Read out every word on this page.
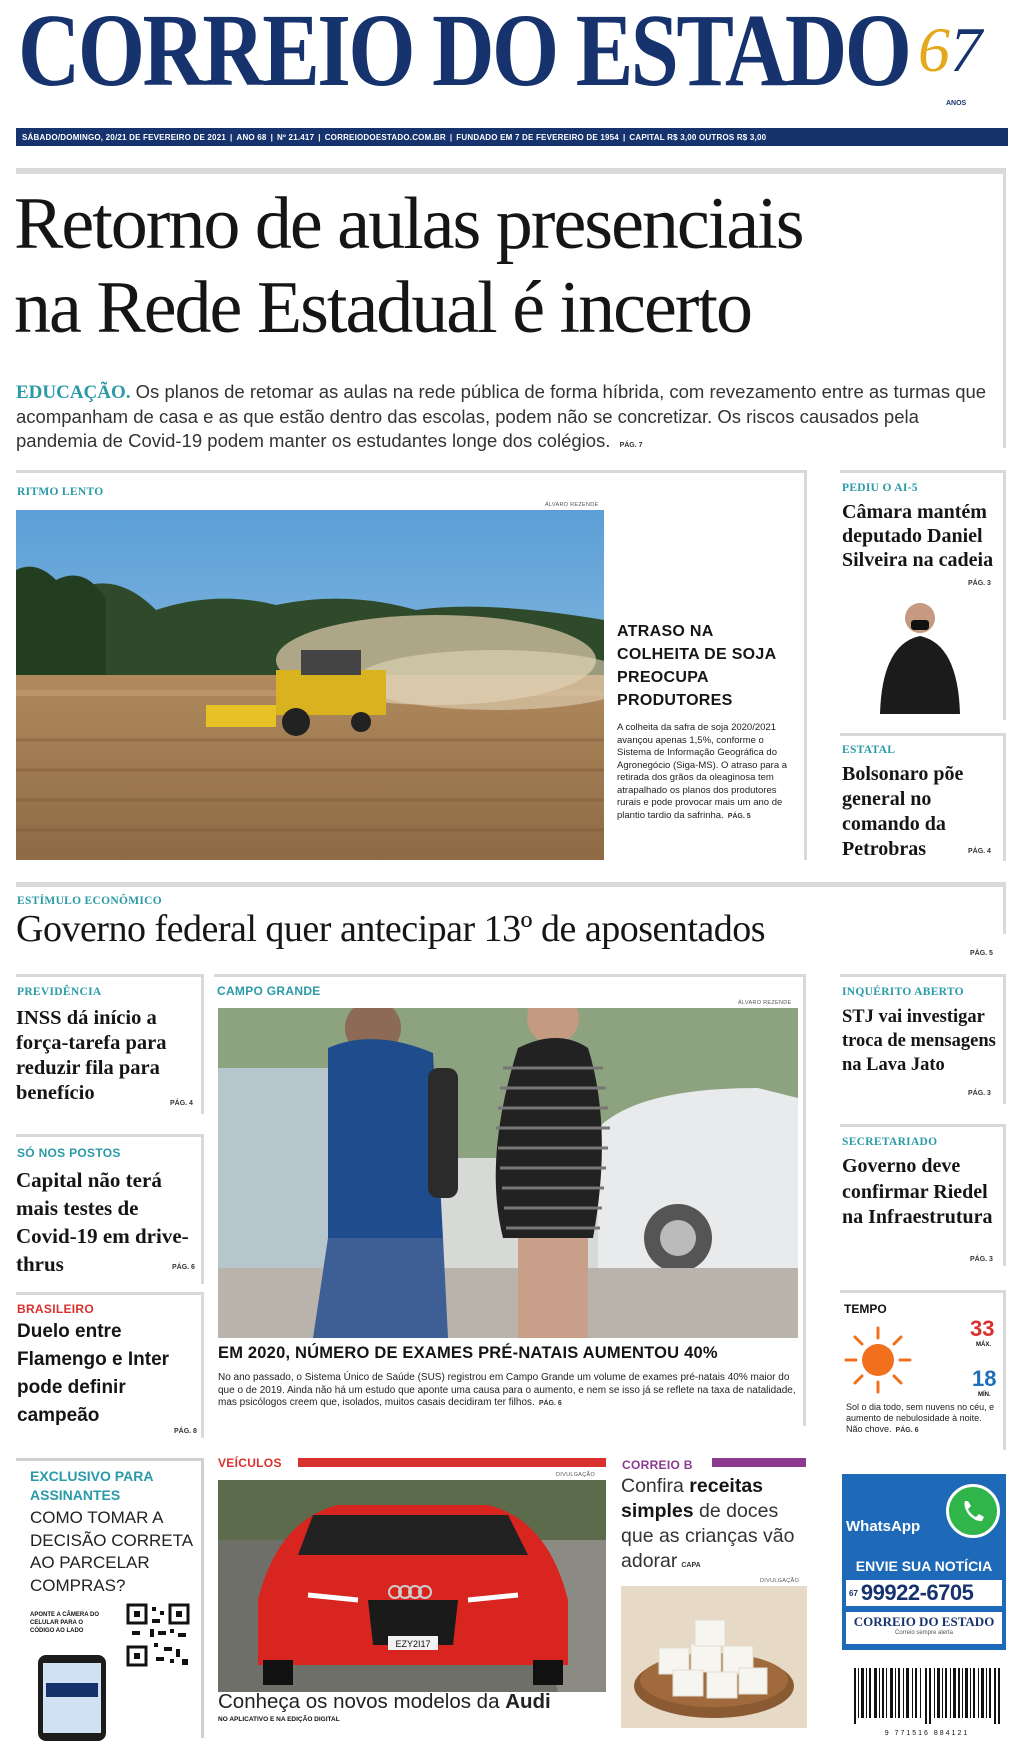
CORREIO DO ESTADO 67
ANOS
SÁBADO/DOMINGO, 20/21 DE FEVEREIRO DE 2021 | ANO 68 | Nº 21.417 | CORREIODOESTADO.COM.BR | FUNDADO EM 7 DE FEVEREIRO DE 1954 | CAPITAL R$ 3,00 OUTROS R$ 3,00
Retorno de aulas presenciais
na Rede Estadual é incerto
EDUCAÇÃO. Os planos de retomar as aulas na rede pública de forma híbrida, com revezamento entre as turmas que acompanham de casa e as que estão dentro das escolas, podem não se concretizar. Os riscos causados pela pandemia de Covid-19 podem manter os estudantes longe dos colégios. PÁG. 7
RITMO LENTO
ÁLVARO REZENDE
ATRASO NA COLHEITA DE SOJA PREOCUPA PRODUTORES
A colheita da safra de soja 2020/2021 avançou apenas 1,5%, conforme o Sistema de Informação Geográfica do Agronegócio (Siga-MS). O atraso para a retirada dos grãos da oleaginosa tem atrapalhado os planos dos produtores rurais e pode provocar mais um ano de plantio tardio da safrinha. PÁG. 5
PEDIU O AI-5
Câmara mantém deputado Daniel Silveira na cadeia
PÁG. 3
ESTATAL
Bolsonaro põe general no comando da Petrobras	PÁG. 4
ESTÍMULO ECONÔMICO
Governo federal quer antecipar 13º de aposentados
PÁG. 5
PREVIDÊNCIA
INSS dá início a força-tarefa para reduzir fila para benefício	PÁG. 4
SÓ NOS POSTOS
Capital não terá mais testes de Covid-19 em drive-thrus	PÁG. 6
BRASILEIRO
Duelo entre Flamengo e Inter pode definir campeão
PÁG. 8
CAMPO GRANDE
ÁLVARO REZENDE
EM 2020, NÚMERO DE EXAMES PRÉ-NATAIS AUMENTOU 40%
No ano passado, o Sistema Único de Saúde (SUS) registrou em Campo Grande um volume de exames pré-natais 40% maior do que o de 2019. Ainda não há um estudo que aponte uma causa para o aumento, e nem se isso já se reflete na taxa de natalidade, mas psicólogos creem que, isolados, muitos casais decidiram ter filhos. PÁG. 6
INQUÉRITO ABERTO
STJ vai investigar troca de mensagens na Lava Jato
PÁG. 3
SECRETARIADO
Governo deve confirmar Riedel na Infraestrutura
PÁG. 3
TEMPO
33
MÁX.
18
MÍN.
Sol o dia todo, sem nuvens no céu, e aumento de nebulosidade à noite. Não chove. PÁG. 6
EXCLUSIVO PARA
ASSINANTES
COMO TOMAR A DECISÃO CORRETA AO PARCELAR COMPRAS?
APONTE A CÂMERA DO CELULAR PARA O CÓDIGO AO LADO
VEÍCULOS
DIVULGAÇÃO
EZY2I17
Conheça os novos modelos da Audi
NO APLICATIVO E NA EDIÇÃO DIGITAL
CORREIO B
Confira receitas simples de doces que as crianças vão adorar CAPA
DIVULGAÇÃO
WhatsApp
ENVIE SUA NOTÍCIA
67 99922-6705
CORREIO DO ESTADO
Correio sempre alerta
9 771516 884121
